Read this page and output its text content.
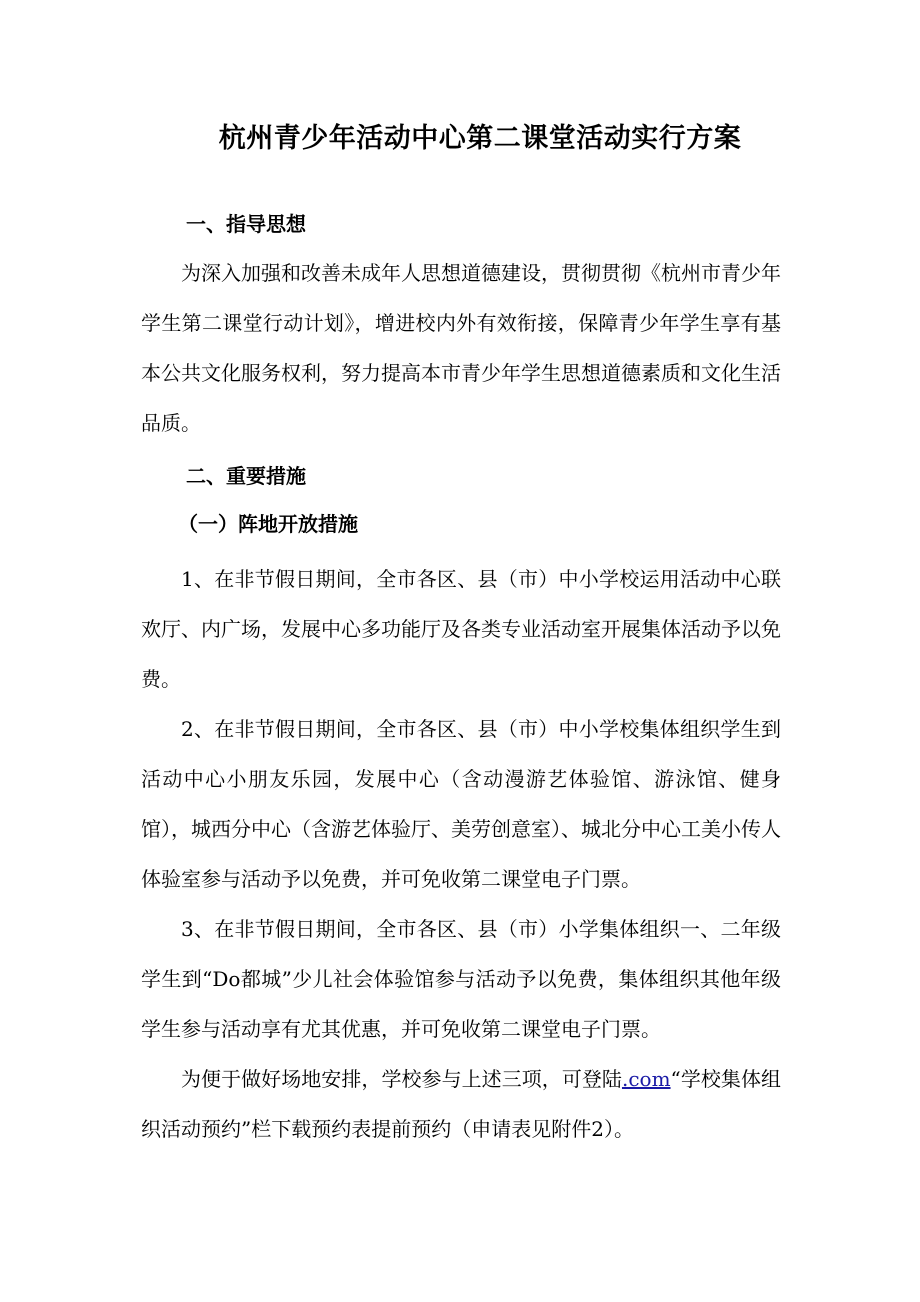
杭州青少年活动中心第二课堂活动实行方案
一、指导思想

为深入加强和改善未成年人思想道德建设，贯彻贯彻《杭州市青少年学生第二课堂行动计划》，增进校内外有效衔接，保障青少年学生享有基本公共文化服务权利，努力提高本市青少年学生思想道德素质和文化生活品质。

二、重要措施
（一）阵地开放措施

1、在非节假日期间，全市各区、县（市）中小学校运用活动中心联欢厅、内广场，发展中心多功能厅及各类专业活动室开展集体活动予以免费。

2、在非节假日期间，全市各区、县（市）中小学校集体组织学生到活动中心小朋友乐园，发展中心（含动漫游艺体验馆、游泳馆、健身馆），城西分中心（含游艺体验厅、美劳创意室）、城北分中心工美小传人体验室参与活动予以免费，并可免收第二课堂电子门票。

3、在非节假日期间，全市各区、县（市）小学集体组织一、二年级学生到“Do都城”少儿社会体验馆参与活动予以免费，集体组织其他年级学生参与活动享有尤其优惠，并可免收第二课堂电子门票。

为便于做好场地安排，学校参与上述三项，可登陆.com“学校集体组织活动预约”栏下载预约表提前预约（申请表见附件2）。
